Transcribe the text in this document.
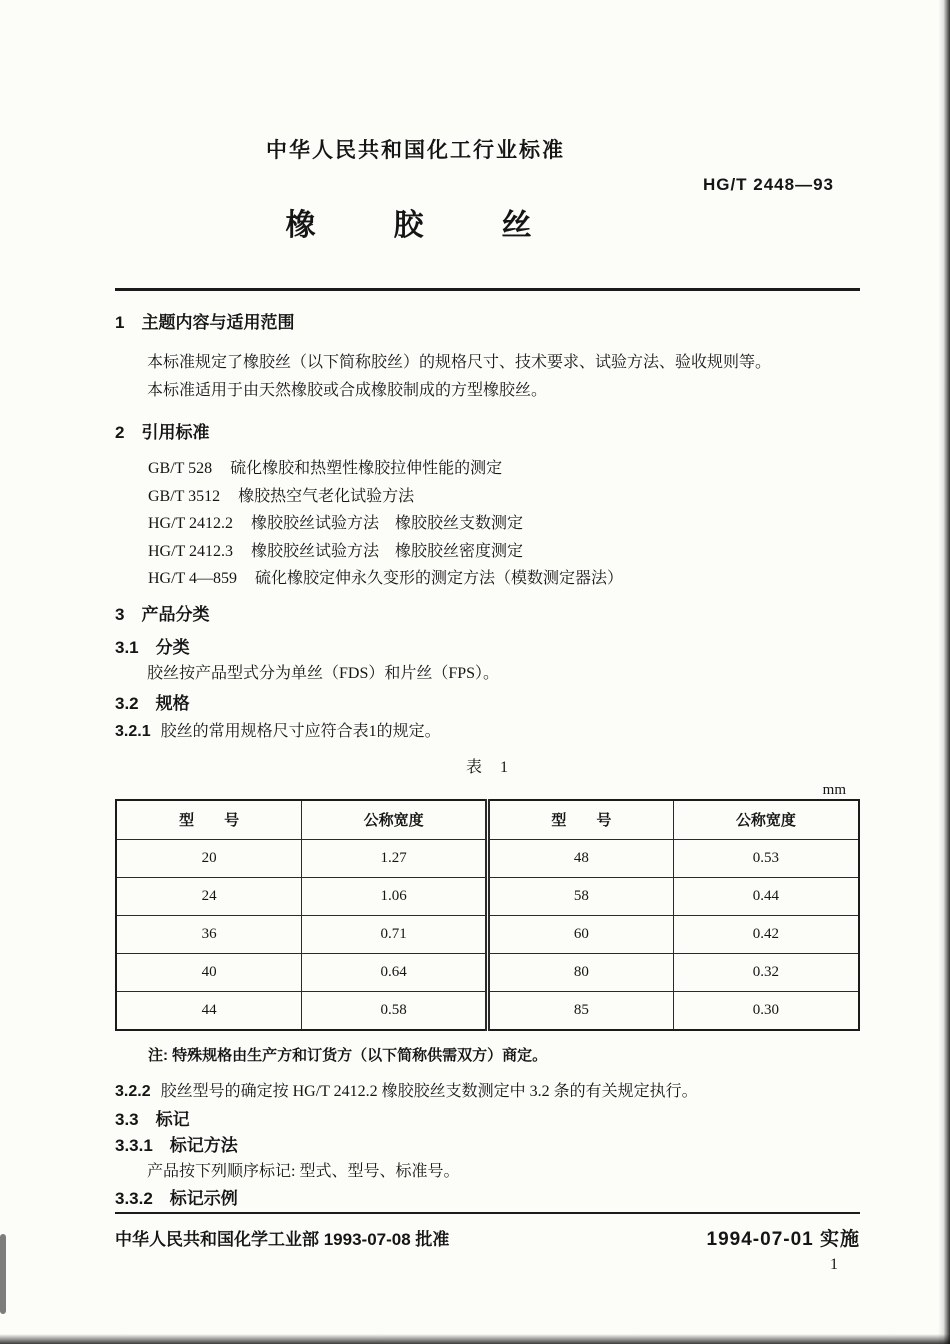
中华人民共和国化工行业标准
HG/T 2448—93
橡胶丝

1　主题内容与适用范围

本标准规定了橡胶丝（以下简称胶丝）的规格尺寸、技术要求、试验方法、验收规则等。

本标准适用于由天然橡胶或合成橡胶制成的方型橡胶丝。

2　引用标准

GB/T 528 硫化橡胶和热塑性橡胶拉伸性能的测定
GB/T 3512 橡胶热空气老化试验方法
HG/T 2412.2 橡胶胶丝试验方法　橡胶胶丝支数测定
HG/T 2412.3 橡胶胶丝试验方法　橡胶胶丝密度测定
HG/T 4—859 硫化橡胶定伸永久变形的测定方法（模数测定器法）

3　产品分类

3.1　分类

胶丝按产品型式分为单丝（FDS）和片丝（FPS）。

3.2　规格

3.2.1 胶丝的常用规格尺寸应符合表1的规定。

表　1

mm

型　　号	公称宽度	型　　号	公称宽度
20	1.27	48	0.53
24	1.06	58	0.44
36	0.71	60	0.42
40	0.64	80	0.32
44	0.58	85	0.30

注: 特殊规格由生产方和订货方（以下简称供需双方）商定。

3.2.2 胶丝型号的确定按 HG/T 2412.2 橡胶胶丝支数测定中 3.2 条的有关规定执行。

3.3　标记

3.3.1　标记方法

产品按下列顺序标记: 型式、型号、标准号。

3.3.2　标记示例

中华人民共和国化学工业部 1993-07-08 批准	1994-07-01 实施
1
